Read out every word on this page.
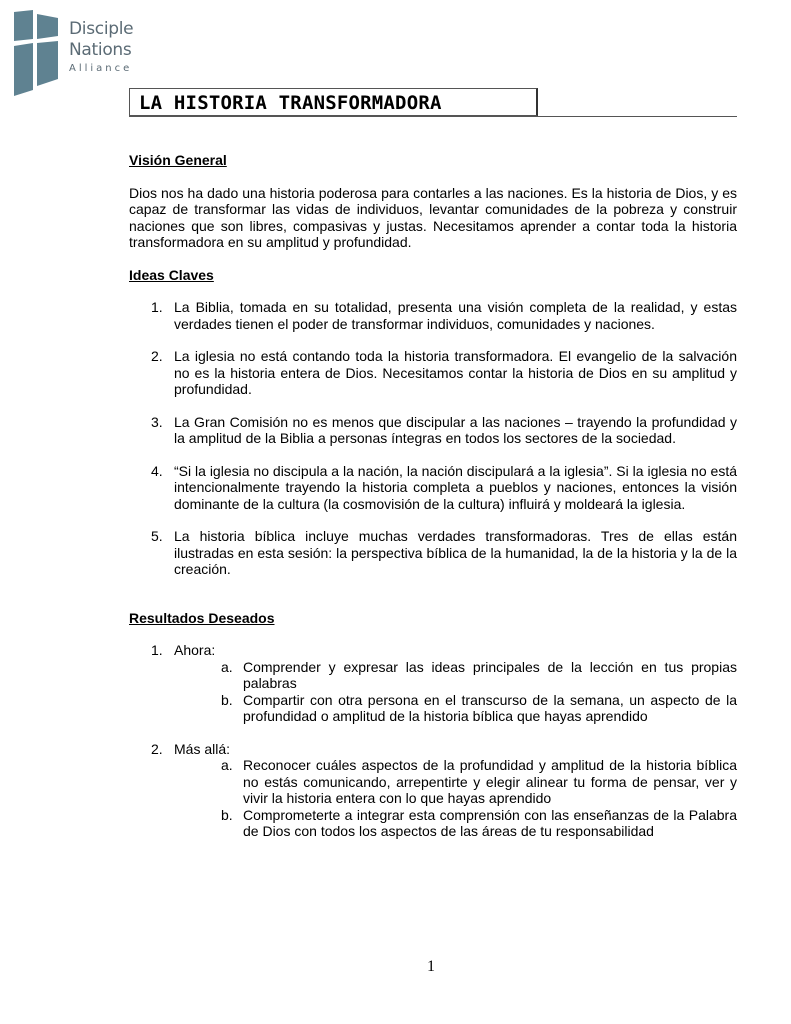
Disciple
Nations
Alliance
LA HISTORIA TRANSFORMADORA
Visión General

Dios nos ha dado una historia poderosa para contarles a las naciones. Es la historia de Dios, y es capaz de transformar las vidas de individuos, levantar comunidades de la pobreza y construir naciones que son libres, compasivas y justas. Necesitamos aprender a contar toda la historia transformadora en su amplitud y profundidad.

Ideas Claves
1. La Biblia, tomada en su totalidad, presenta una visión completa de la realidad, y estas verdades tienen el poder de transformar individuos, comunidades y naciones.
2. La iglesia no está contando toda la historia transformadora. El evangelio de la salvación no es la historia entera de Dios. Necesitamos contar la historia de Dios en su amplitud y profundidad.
3. La Gran Comisión no es menos que discipular a las naciones – trayendo la profundidad y la amplitud de la Biblia a personas íntegras en todos los sectores de la sociedad.
4. “Si la iglesia no discipula a la nación, la nación discipulará a la iglesia”. Si la iglesia no está intencionalmente trayendo la historia completa a pueblos y naciones, entonces la visión dominante de la cultura (la cosmovisión de la cultura) influirá y moldeará la iglesia.
5. La historia bíblica incluye muchas verdades transformadoras. Tres de ellas están ilustradas en esta sesión: la perspectiva bíblica de la humanidad, la de la historia y la de la creación.
Resultados Deseados
1. Ahora:
a. Comprender y expresar las ideas principales de la lección en tus propias palabras
b. Compartir con otra persona en el transcurso de la semana, un aspecto de la profundidad o amplitud de la historia bíblica que hayas aprendido
2. Más allá:
a. Reconocer cuáles aspectos de la profundidad y amplitud de la historia bíblica no estás comunicando, arrepentirte y elegir alinear tu forma de pensar, ver y vivir la historia entera con lo que hayas aprendido
b. Comprometerte a integrar esta comprensión con las enseñanzas de la Palabra de Dios con todos los aspectos de las áreas de tu responsabilidad
1
